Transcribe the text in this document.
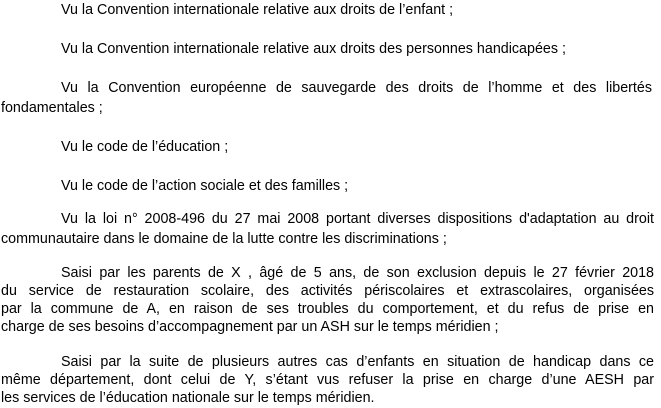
Vu la Convention internationale relative aux droits de l’enfant ;
Vu la Convention internationale relative aux droits des personnes handicapées ;
Vu la Convention européenne de sauvegarde des droits de l’homme et des libertés
fondamentales ;
Vu le code de l’éducation ;
Vu le code de l’action sociale et des familles ;
Vu la loi n° 2008-496 du 27 mai 2008 portant diverses dispositions d'adaptation au droit
communautaire dans le domaine de la lutte contre les discriminations ;
Saisi par les parents de X , âgé de 5 ans, de son exclusion depuis le 27 février 2018
du service de restauration scolaire, des activités périscolaires et extrascolaires, organisées
par la commune de A, en raison de ses troubles du comportement, et du refus de prise en
charge de ses besoins d’accompagnement par un ASH sur le temps méridien ;
Saisi par la suite de plusieurs autres cas d’enfants en situation de handicap dans ce
même département, dont celui de Y, s’étant vus refuser la prise en charge d’une AESH par
les services de l’éducation nationale sur le temps méridien.
